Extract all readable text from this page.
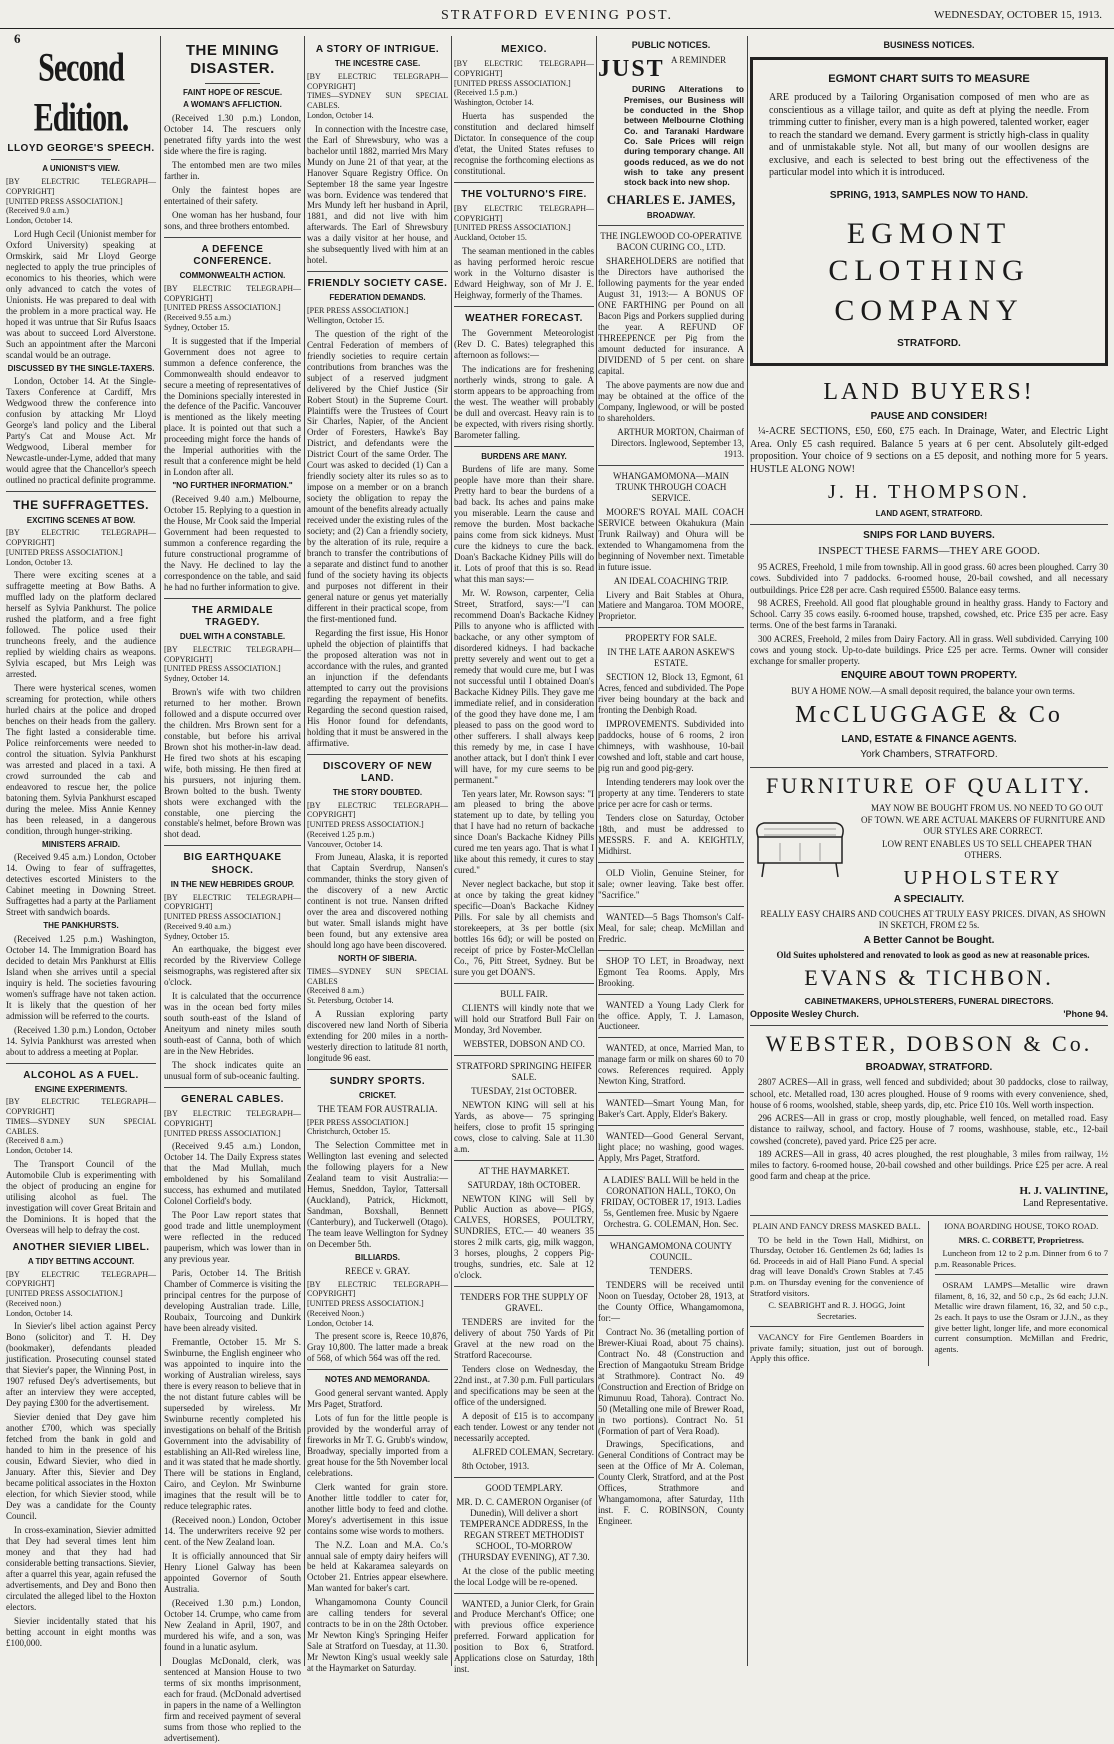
STRATFORD EVENING POST.	WEDNESDAY, OCTOBER 15, 1913.
6
Second Edition.
LLOYD GEORGE'S SPEECH.
A UNIONIST'S VIEW.

[BY ELECTRIC TELEGRAPH—COPYRIGHT]
[UNITED PRESS ASSOCIATION.]
(Received 9.0 a.m.)
London, October 14.

Lord Hugh Cecil (Unionist member for Oxford University) speaking at Ormskirk, said Mr Lloyd George neglected to apply the true principles of economics to his theories, which were only advanced to catch the votes of Unionists. He was prepared to deal with the problem in a more practical way. He hoped it was untrue that Sir Rufus Isaacs was about to succeed Lord Alverstone. Such an appointment after the Marconi scandal would be an outrage.

DISCUSSED BY THE SINGLE-TAXERS.

London, October 14. At the Single-Taxers Conference at Cardiff, Mrs Wedgwood threw the conference into confusion by attacking Mr Lloyd George's land policy and the Liberal Party's Cat and Mouse Act. Mr Wedgwood, Liberal member for Newcastle-under-Lyme, added that many would agree that the Chancellor's speech outlined no practical definite programme.

THE SUFFRAGETTES.
EXCITING SCENES AT BOW.

[BY ELECTRIC TELEGRAPH—COPYRIGHT]
[UNITED PRESS ASSOCIATION.]
London, October 13.

There were exciting scenes at a suffragette meeting at Bow Baths. A muffled lady on the platform declared herself as Sylvia Pankhurst. The police rushed the platform, and a free fight followed. The police used their truncheons freely, and the audience replied by wielding chairs as weapons. Sylvia escaped, but Mrs Leigh was arrested.

There were hysterical scenes, women screaming for protection, while others hurled chairs at the police and droped benches on their heads from the gallery. The fight lasted a considerable time. Police reinforcements were needed to control the situation. Sylvia Pankhurst was arrested and placed in a taxi. A crowd surrounded the cab and endeavored to rescue her, the police batoning them. Sylvia Pankhurst escaped during the melee. Miss Annie Kenney has been released, in a dangerous condition, through hunger-striking.

MINISTERS AFRAID.

(Received 9.45 a.m.) London, October 14. Owing to fear of suffragettes, detectives escorted Ministers to the Cabinet meeting in Downing Street. Suffragettes had a party at the Parliament Street with sandwich boards.

THE PANKHURSTS.

(Received 1.25 p.m.) Washington, October 14. The Immigration Board has decided to detain Mrs Pankhurst at Ellis Island when she arrives until a special inquiry is held. The societies favouring women's suffrage have not taken action. It is likely that the question of her admission will be referred to the courts.

(Received 1.30 p.m.) London, October 14. Sylvia Pankhurst was arrested when about to address a meeting at Poplar.

ALCOHOL AS A FUEL.
ENGINE EXPERIMENTS.

[BY ELECTRIC TELEGRAPH—COPYRIGHT]
TIMES—SYDNEY SUN SPECIAL CABLES.
(Received 8 a.m.)
London, October 14.

The Transport Council of the Automobile Club is experimenting with the object of producing an engine for utilising alcohol as fuel. The investigation will cover Great Britain and the Dominions. It is hoped that the Overseas will help to defray the cost.

ANOTHER SIEVIER LIBEL.
A TIDY BETTING ACCOUNT.

[BY ELECTRIC TELEGRAPH—COPYRIGHT]
[UNITED PRESS ASSOCIATION.]
(Received noon.)
London, October 14.

In Sievier's libel action against Percy Bono (solicitor) and T. H. Dey (bookmaker), defendants pleaded justification. Prosecuting counsel stated that Sievier's paper, the Winning Post, in 1907 refused Dey's advertisements, but after an interview they were accepted, Dey paying £300 for the advertisement.

Sievier denied that Dey gave him another £700, which was specially fetched from the bank in gold and handed to him in the presence of his cousin, Edward Sievier, who died in January. After this, Sievier and Dey became political associates in the Hoxton election, for which Sievier stood, while Dey was a candidate for the County Council.

In cross-examination, Sievier admitted that Dey had several times lent him money and that they had had considerable betting transactions. Sievier, after a quarrel this year, again refused the advertisements, and Dey and Bono then circulated the alleged libel to the Hoxton electors.

Sievier incidentally stated that his betting account in eight months was £100,000.

THE MINING DISASTER.
FAINT HOPE OF RESCUE.
A WOMAN'S AFFLICTION.

(Received 1.30 p.m.) London, October 14. The rescuers only penetrated fifty yards into the west side where the fire is raging.

The entombed men are two miles farther in.

Only the faintest hopes are entertained of their safety.

One woman has her husband, four sons, and three brothers entombed.

A DEFENCE CONFERENCE.
COMMONWEALTH ACTION.

[BY ELECTRIC TELEGRAPH—COPYRIGHT]
[UNITED PRESS ASSOCIATION.]
(Received 9.55 a.m.)
Sydney, October 15.

It is suggested that if the Imperial Government does not agree to summon a defence conference, the Commonwealth should endeavor to secure a meeting of representatives of the Dominions specially interested in the defence of the Pacific. Vancouver is mentioned as the likely meeting place. It is pointed out that such a proceeding might force the hands of the Imperial authorities with the result that a conference might be held in London after all.

"NO FURTHER INFORMATION."

(Received 9.40 a.m.) Melbourne, October 15. Replying to a question in the House, Mr Cook said the Imperial Government had been requested to summon a conference regarding the future constructional programme of the Navy. He declined to lay the correspondence on the table, and said he had no further information to give.

THE ARMIDALE TRAGEDY.
DUEL WITH A CONSTABLE.

[BY ELECTRIC TELEGRAPH—COPYRIGHT]
[UNITED PRESS ASSOCIATION.]
Sydney, October 14.

Brown's wife with two children returned to her mother. Brown followed and a dispute occurred over the children. Mrs Brown sent for a constable, but before his arrival Brown shot his mother-in-law dead. He fired two shots at his escaping wife, both missing. He then fired at his pursuers, not injuring them. Brown bolted to the bush. Twenty shots were exchanged with the constable, one piercing the constable's helmet, before Brown was shot dead.

BIG EARTHQUAKE SHOCK.
IN THE NEW HEBRIDES GROUP.

[BY ELECTRIC TELEGRAPH—COPYRIGHT]
[UNITED PRESS ASSOCIATION.]
(Received 9.40 a.m.)
Sydney, October 15.

An earthquake, the biggest ever recorded by the Riverview College seismographs, was registered after six o'clock.

It is calculated that the occurrence was in the ocean bed forty miles south south-east of the Island of Aneityum and ninety miles south south-east of Canna, both of which are in the New Hebrides.

The shock indicates quite an unusual form of sub-oceanic faulting.

GENERAL CABLES.

[BY ELECTRIC TELEGRAPH—COPYRIGHT]
[UNITED PRESS ASSOCIATION.]

(Received 9.45 a.m.) London, October 14. The Daily Express states that the Mad Mullah, much emboldened by his Somaliland success, has exhumed and mutilated Colonel Corfield's body.

The Poor Law report states that good trade and little unemployment were reflected in the reduced pauperism, which was lower than in any previous year.

Paris, October 14. The British Chamber of Commerce is visiting the principal centres for the purpose of developing Australian trade. Lille, Roubaix, Tourcoing and Dunkirk have been already visited.

Fremantle, October 15. Mr S. Swinburne, the English engineer who was appointed to inquire into the working of Australian wireless, says there is every reason to believe that in the not distant future cables will be superseded by wireless. Mr Swinburne recently completed his investigations on behalf of the British Government into the advisability of establishing an All-Red wireless line, and it was stated that he made shortly. There will be stations in England, Cairo, and Ceylon. Mr Swinburne imagines that the result will be to reduce telegraphic rates.

(Received noon.) London, October 14. The underwriters receive 92 per cent. of the New Zealand loan.

It is officially announced that Sir Henry Lionel Galway has been appointed Governor of South Australia.

(Received 1.30 p.m.) London, October 14. Crumpe, who came from New Zealand in April, 1907, and murdered his wife, and a son, was found in a lunatic asylum.

Douglas McDonald, clerk, was sentenced at Mansion House to two terms of six months imprisonment, each for fraud. (McDonald advertised in papers in the name of a Wellington firm and received payment of several sums from those who replied to the advertisement).

A STORY OF INTRIGUE.
THE INCESTRE CASE.

[BY ELECTRIC TELEGRAPH—COPYRIGHT]
TIMES—SYDNEY SUN SPECIAL CABLES.
London, October 14.

In connection with the Incestre case, the Earl of Shrewsbury, who was a bachelor until 1882, married Mrs Mary Mundy on June 21 of that year, at the Hanover Square Registry Office. On September 18 the same year Ingestre was born. Evidence was tendered that Mrs Mundy left her husband in April, 1881, and did not live with him afterwards. The Earl of Shrewsbury was a daily visitor at her house, and she subsequently lived with him at an hotel.

FRIENDLY SOCIETY CASE.
FEDERATION DEMANDS.

[PER PRESS ASSOCIATION.]
Wellington, October 15.

The question of the right of the Central Federation of members of friendly societies to require certain contributions from branches was the subject of a reserved judgment delivered by the Chief Justice (Sir Robert Stout) in the Supreme Court. Plaintiffs were the Trustees of Court Sir Charles, Napier, of the Ancient Order of Foresters, Hawke's Bay District, and defendants were the District Court of the same Order. The Court was asked to decided (1) Can a friendly society alter its rules so as to impose on a member or on a branch society the obligation to repay the amount of the benefits already actually received under the existing rules of the society; and (2) Can a friendly society, by the alteration of its rule, require a branch to transfer the contributions of a separate and distinct fund to another fund of the society having its objects and purposes not different in their general nature or genus yet materially different in their practical scope, from the first-mentioned fund.

Regarding the first issue, His Honor upheld the objection of plaintiffs that the proposed alteration was not in accordance with the rules, and granted an injunction if the defendants attempted to carry out the provisions regarding the repayment of benefits. Regarding the second question raised, His Honor found for defendants, holding that it must be answered in the affirmative.

DISCOVERY OF NEW LAND.
THE STORY DOUBTED.

[BY ELECTRIC TELEGRAPH—COPYRIGHT]
[UNITED PRESS ASSOCIATION.]
(Received 1.25 p.m.)
Vancouver, October 14.

From Juneau, Alaska, it is reported that Captain Sverdrup, Nansen's commander, thinks the story given of the discovery of a new Arctic continent is not true. Nansen drifted over the area and discovered nothing but water. Small islands might have been found, but any extensive area should long ago have been discovered.

NORTH OF SIBERIA.

TIMES—SYDNEY SUN SPECIAL CABLES
(Received 8 a.m.)
St. Petersburg, October 14.

A Russian exploring party discovered new land North of Siberia extending for 200 miles in a north-westerly direction to latitude 81 north, longitude 96 east.

SUNDRY SPORTS.
CRICKET.

THE TEAM FOR AUSTRALIA.

[PER PRESS ASSOCIATION.]
Christchurch, October 15.

The Selection Committee met in Wellington last evening and selected the following players for a New Zealand team to visit Australia:—Hemus, Sneddon, Taylor, Tattersall (Auckland), Patrick, Hickmott, Sandman, Boxshall, Bennett (Canterbury), and Tuckerwell (Otago). The team leave Wellington for Sydney on December 5th.

BILLIARDS.

REECE v. GRAY.

[BY ELECTRIC TELEGRAPH—COPYRIGHT]
[UNITED PRESS ASSOCIATION.]
(Received Noon.)
London, October 14.

The present score is, Reece 10,876, Gray 10,800. The latter made a break of 568, of which 564 was off the red.

NOTES AND MEMORANDA.

Good general servant wanted. Apply Mrs Paget, Stratford.

Lots of fun for the little people is provided by the wonderful array of fireworks in Mr T. G. Grubb's window, Broadway, specially imported from a great house for the 5th November local celebrations.

Clerk wanted for grain store. Another little toddler to cater for, another little body to feed and clothe. Morey's advertisement in this issue contains some wise words to mothers.

The N.Z. Loan and M.A. Co.'s annual sale of empty dairy heifers will be held at Kakaramea saleyards on October 21. Entries appear elsewhere. Man wanted for baker's cart.

Whangamomona County Council are calling tenders for several contracts to be in on the 28th October. Mr Newton King's Springing Heifer Sale at Stratford on Tuesday, at 11.30. Mr Newton King's usual weekly sale at the Haymarket on Saturday.

MEXICO.

[BY ELECTRIC TELEGRAPH—COPYRIGHT]
[UNITED PRESS ASSOCIATION.]
(Received 1.5 p.m.)
Washington, October 14.

Huerta has suspended the constitution and declared himself Dictator. In consequence of the coup d'etat, the United States refuses to recognise the forthcoming elections as constitutional.

THE VOLTURNO'S FIRE.

[BY ELECTRIC TELEGRAPH—COPYRIGHT]
[UNITED PRESS ASSOCIATION.]
Auckland, October 15.

The seaman mentioned in the cables as having performed heroic rescue work in the Volturno disaster is Edward Heighway, son of Mr J. E. Heighway, formerly of the Thames.

WEATHER FORECAST.

The Government Meteorologist (Rev D. C. Bates) telegraphed this afternoon as follows:—

The indications are for freshening northerly winds, strong to gale. A storm appears to be approaching from the west. The weather will probably be dull and overcast. Heavy rain is to be expected, with rivers rising shortly. Barometer falling.

BURDENS ARE MANY.

Burdens of life are many. Some people have more than their share. Pretty hard to bear the burdens of a bad back. Its aches and pains make you miserable. Learn the cause and remove the burden. Most backache pains come from sick kidneys. Must cure the kidneys to cure the back. Doan's Backache Kidney Pills will do it. Lots of proof that this is so. Read what this man says:—

Mr. W. Rowson, carpenter, Celia Street, Stratford, says:—"I can recommend Doan's Backache Kidney Pills to anyone who is afflicted with backache, or any other symptom of disordered kidneys. I had backache pretty severely and went out to get a remedy that would cure me, but I was not successful until I obtained Doan's Backache Kidney Pills. They gave me immediate relief, and in consideration of the good they have done me, I am pleased to pass on the good word to other sufferers. I shall always keep this remedy by me, in case I have another attack, but I don't think I ever will have, for my cure seems to be permanent."

Ten years later, Mr. Rowson says: "I am pleased to bring the above statement up to date, by telling you that I have had no return of backache since Doan's Backache Kidney Pills cured me ten years ago. That is what I like about this remedy, it cures to stay cured."

Never neglect backache, but stop it at once by taking the great kidney specific—Doan's Backache Kidney Pills. For sale by all chemists and storekeepers, at 3s per bottle (six bottles 16s 6d); or will be posted on receipt of price by Foster-McClellan Co., 76, Pitt Street, Sydney. But be sure you get DOAN'S.

BULL FAIR.

CLIENTS will kindly note that we will hold our Stratford Bull Fair on Monday, 3rd November.

WEBSTER, DOBSON AND CO.

STRATFORD SPRINGING HEIFER SALE.

TUESDAY, 21st OCTOBER.

NEWTON KING will sell at his Yards, as above— 75 springing heifers, close to profit 15 springing cows, close to calving. Sale at 11.30 a.m.

AT THE HAYMARKET.

SATURDAY, 18th OCTOBER.

NEWTON KING will Sell by Public Auction as above— PIGS, CALVES, HORSES, POULTRY, SUNDRIES, ETC.— 40 weaners 35 stores 2 milk carts, gig, milk waggon, 3 horses, ploughs, 2 coppers Pig-troughs, sundries, etc. Sale at 12 o'clock.

TENDERS FOR THE SUPPLY OF GRAVEL.

TENDERS are invited for the delivery of about 750 Yards of Pit Gravel at the new road on the Stratford Racecourse.

Tenders close on Wednesday, the 22nd inst., at 7.30 p.m. Full particulars and specifications may be seen at the office of the undersigned.

A deposit of £15 is to accompany each tender. Lowest or any tender not necessarily accepted.

ALFRED COLEMAN, Secretary.

8th October, 1913.

GOOD TEMPLARY.

MR. D. C. CAMERON Organiser (of Dunedin), Will deliver a short TEMPERANCE ADDRESS, In the REGAN STREET METHODIST SCHOOL, TO-MORROW (THURSDAY EVENING), AT 7.30.

At the close of the public meeting the local Lodge will be re-opened.

WANTED, a Junior Clerk, for Grain and Produce Merchant's Office; one with previous office experience preferred. Forward application for position to Box 6, Stratford. Applications close on Saturday, 18th inst.

PUBLIC NOTICES.
JUST A REMINDER

DURING Alterations to Premises, our Business will be conducted in the Shop between Melbourne Clothing Co. and Taranaki Hardware Co. Sale Prices will reign during temporary change. All goods reduced, as we do not wish to take any present stock back into new shop.

CHARLES E. JAMES,
BROADWAY.

THE INGLEWOOD CO-OPERATIVE BACON CURING CO., LTD.

SHAREHOLDERS are notified that the Directors have authorised the following payments for the year ended August 31, 1913:— A BONUS OF ONE FARTHING per Pound on all Bacon Pigs and Porkers supplied during the year. A REFUND OF THREEPENCE per Pig from the amount deducted for insurance. A DIVIDEND of 5 per cent. on share capital.

The above payments are now due and may be obtained at the office of the Company, Inglewood, or will be posted to shareholders.

ARTHUR MORTON, Chairman of Directors. Inglewood, September 13, 1913.

WHANGAMOMONA—MAIN TRUNK THROUGH COACH SERVICE.

MOORE'S ROYAL MAIL COACH SERVICE between Okahukura (Main Trunk Railway) and Ohura will be extended to Whangamomena from the beginning of November next. Timetable in future issue.

AN IDEAL COACHING TRIP.

Livery and Bait Stables at Ohura, Matiere and Mangaroa. TOM MOORE, Proprietor.

PROPERTY FOR SALE.

IN THE LATE AARON ASKEW'S ESTATE.

SECTION 12, Block 13, Egmont, 61 Acres, fenced and subdivided. The Pope river being boundary at the back and fronting the Denbigh Road.

IMPROVEMENTS. Subdivided into paddocks, house of 6 rooms, 2 iron chimneys, with washhouse, 10-bail cowshed and loft, stable and cart house, pig run and good pig-gery.

Intending tenderers may look over the property at any time. Tenderers to state price per acre for cash or terms.

Tenders close on Saturday, October 18th, and must be addressed to MESSRS. F. and A. KEIGHTLY, Midhirst.

OLD Violin, Genuine Steiner, for sale; owner leaving. Take best offer. "Sacrifice."

WANTED—5 Bags Thomson's Calf-Meal, for sale; cheap. McMillan and Fredric.

SHOP TO LET, in Broadway, next Egmont Tea Rooms. Apply, Mrs Brooking.

WANTED a Young Lady Clerk for the office. Apply, T. J. Lamason, Auctioneer.

WANTED, at once, Married Man, to manage farm or milk on shares 60 to 70 cows. References required. Apply Newton King, Stratford.

WANTED—Smart Young Man, for Baker's Cart. Apply, Elder's Bakery.

WANTED—Good General Servant, light place; no washing, good wages. Apply, Mrs Paget, Stratford.

A LADIES' BALL Will be held in the CORONATION HALL, TOKO, On FRIDAY, OCTOBER 17, 1913. Ladies 5s, Gentlemen free. Music by Ngaere Orchestra. G. COLEMAN, Hon. Sec.

WHANGAMOMONA COUNTY COUNCIL.

TENDERS.

TENDERS will be received until Noon on Tuesday, October 28, 1913, at the County Office, Whangamomona, for:—

Contract No. 36 (metalling portion of Brewer-Kiuai Road, about 75 chains). Contract No. 48 (Construction and Erection of Mangaotuku Stream Bridge at Strathmore). Contract No. 49 (Construction and Erection of Bridge on Rimunuu Road, Tahora). Contract No. 50 (Metalling one mile of Brewer Road, in two portions). Contract No. 51 (Formation of part of Vera Road).

Drawings, Specifications, and General Conditions of Contract may be seen at the Office of Mr A. Coleman, County Clerk, Stratford, and at the Post Offices, Strathmore and Whangamomona, after Saturday, 11th inst. F. C. ROBINSON, County Engineer.

BUSINESS NOTICES.
EGMONT CHART SUITS TO MEASURE

ARE produced by a Tailoring Organisation composed of men who are as conscientious as a village tailor, and quite as deft at plying the needle. From trimming cutter to finisher, every man is a high powered, talented worker, eager to reach the standard we demand. Every garment is strictly high-class in quality and of unmistakable style. Not all, but many of our woollen designs are exclusive, and each is selected to best bring out the effectiveness of the particular model into which it is introduced.

SPRING, 1913, SAMPLES NOW TO HAND.
EGMONT CLOTHING
COMPANY
STRATFORD.
LAND BUYERS!
PAUSE AND CONSIDER!

¼-ACRE SECTIONS, £50, £60, £75 each. In Drainage, Water, and Electric Light Area. Only £5 cash required. Balance 5 years at 6 per cent. Absolutely gilt-edged proposition. Your choice of 9 sections on a £5 deposit, and nothing more for 5 years. HUSTLE ALONG NOW!

J. H. THOMPSON.
LAND AGENT, STRATFORD.
SNIPS FOR LAND BUYERS.
INSPECT THESE FARMS—THEY ARE GOOD.

95 ACRES, Freehold, 1 mile from township. All in good grass. 60 acres been ploughed. Carry 30 cows. Subdivided into 7 paddocks. 6-roomed house, 20-bail cowshed, and all necessary outbuildings. Price £28 per acre. Cash required £5500. Balance easy terms.

98 ACRES, Freehold. All good flat ploughable ground in healthy grass. Handy to Factory and School. Carry 35 cows easily. 6-roomed house, trapshed, cowshed, etc. Price £35 per acre. Easy terms. One of the best farms in Taranaki.

300 ACRES, Freehold, 2 miles from Dairy Factory. All in grass. Well subdivided. Carrying 100 cows and young stock. Up-to-date buildings. Price £25 per acre. Terms. Owner will consider exchange for smaller property.

ENQUIRE ABOUT TOWN PROPERTY.

BUY A HOME NOW.—A small deposit required, the balance your own terms.

McCLUGGAGE & Co
LAND, ESTATE & FINANCE AGENTS.
York Chambers, STRATFORD.
FURNITURE OF QUALITY.

MAY NOW BE BOUGHT FROM US. NO NEED TO GO OUT OF TOWN. WE ARE ACTUAL MAKERS OF FURNITURE AND OUR STYLES ARE CORRECT.

LOW RENT ENABLES US TO SELL CHEAPER THAN OTHERS.

UPHOLSTERY
A SPECIALITY.

REALLY EASY CHAIRS AND COUCHES AT TRULY EASY PRICES. DIVAN, AS SHOWN IN SKETCH, FROM £2 5s.

A Better Cannot be Bought.

Old Suites upholstered and renovated to look as good as new at reasonable prices.

EVANS & TICHBON.
CABINETMAKERS, UPHOLSTERERS, FUNERAL DIRECTORS.
Opposite Wesley Church.	'Phone 94.
WEBSTER, DOBSON & Co.
BROADWAY, STRATFORD.

2807 ACRES—All in grass, well fenced and subdivided; about 30 paddocks, close to railway, school, etc. Metalled road, 130 acres ploughed. House of 9 rooms with every convenience, shed, house of 6 rooms, woolshed, stable, sheep yards, dip, etc. Price £10 10s. Well worth inspection.

296 ACRES—All in grass or crop, mostly ploughable, well fenced, on metalled road. Easy distance to railway, school, and factory. House of 7 rooms, washhouse, stable, etc., 12-bail cowshed (concrete), paved yard. Price £25 per acre.

189 ACRES—All in grass, 40 acres ploughed, the rest ploughable, 3 miles from railway, 1½ miles to factory. 6-roomed house, 20-bail cowshed and other buildings. Price £25 per acre. A real good farm and cheap at the price.

H. J. VALINTINE,
Land Representative.

PLAIN AND FANCY DRESS MASKED BALL.

TO be held in the Town Hall, Midhirst, on Thursday, October 16. Gentlemen 2s 6d; ladies 1s 6d. Proceeds in aid of Hall Piano Fund. A special drag will leave Donald's Crown Stables at 7.45 p.m. on Thursday evening for the convenience of Stratford visitors.

C. SEABRIGHT and R. J. HOGG, Joint Secretaries.

VACANCY for Fire Gentlemen Boarders in private family; situation, just out of borough. Apply this office.

IONA BOARDING HOUSE, TOKO ROAD.

MRS. C. CORBETT, Proprietress.

Luncheon from 12 to 2 p.m. Dinner from 6 to 7 p.m. Reasonable Prices.

OSRAM LAMPS—Metallic wire drawn filament, 8, 16, 32, and 50 c.p., 2s 6d each; J.J.N. Metallic wire drawn filament, 16, 32, and 50 c.p., 2s each. It pays to use the Osram or J.J.N., as they give better light, longer life, and more economical current consumption. McMillan and Fredric, agents.
